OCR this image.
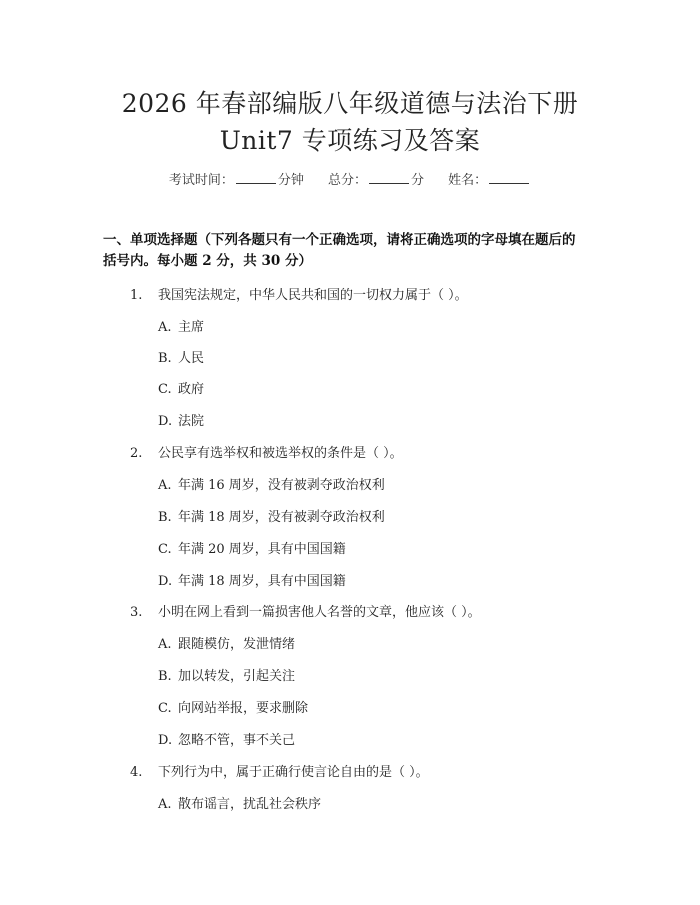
2026 年春部编版八年级道德与法治下册
Unit7 专项练习及答案
考试时间：	分钟 总分：	分 姓名：
一、单项选择题（下列各题只有一个正确选项，请将正确选项的字母填在题后的
括号内。每小题 2 分，共 30 分）
1. 我国宪法规定，中华人民共和国的一切权力属于（ ）。
A. 主席
B. 人民
C. 政府
D. 法院
2. 公民享有选举权和被选举权的条件是（ ）。
A. 年满 16 周岁，没有被剥夺政治权利
B. 年满 18 周岁，没有被剥夺政治权利
C. 年满 20 周岁，具有中国国籍
D. 年满 18 周岁，具有中国国籍
3. 小明在网上看到一篇损害他人名誉的文章，他应该（ ）。
A. 跟随模仿，发泄情绪
B. 加以转发，引起关注
C. 向网站举报，要求删除
D. 忽略不管，事不关己
4. 下列行为中，属于正确行使言论自由的是（ ）。
A. 散布谣言，扰乱社会秩序
